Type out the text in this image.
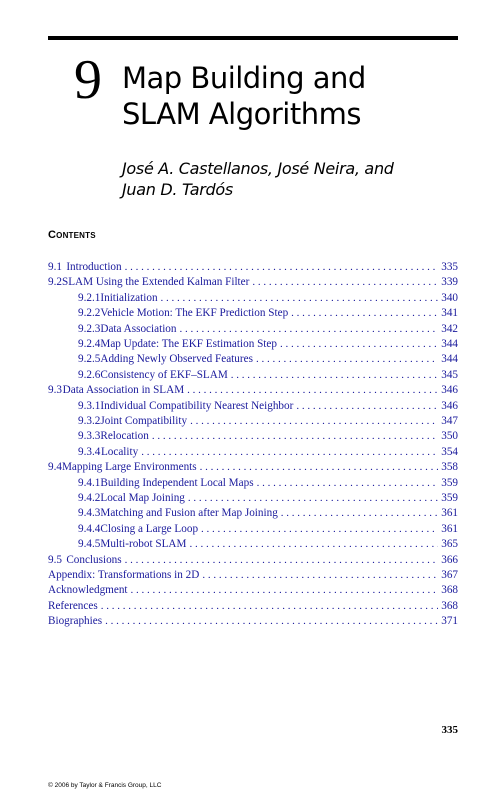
9 Map Building and
SLAM Algorithms
José A. Castellanos, José Neira, and
Juan D. Tardós
Contents
9.1 Introduction . . .	335
9.2 SLAM Using the Extended Kalman Filter . . .	339
9.2.1 Initialization . . .	340
9.2.2 Vehicle Motion: The EKF Prediction Step . . .	341
9.2.3 Data Association . . .	342
9.2.4 Map Update: The EKF Estimation Step . . .	344
9.2.5 Adding Newly Observed Features . . .	344
9.2.6 Consistency of EKF–SLAM . . .	345
9.3 Data Association in SLAM . . .	346
9.3.1 Individual Compatibility Nearest Neighbor . . .	346
9.3.2 Joint Compatibility . . .	347
9.3.3 Relocation . . .	350
9.3.4 Locality . . .	354
9.4 Mapping Large Environments . . .	358
9.4.1 Building Independent Local Maps . . .	359
9.4.2 Local Map Joining . . .	359
9.4.3 Matching and Fusion after Map Joining . . .	361
9.4.4 Closing a Large Loop . . .	361
9.4.5 Multi-robot SLAM . . .	365
9.5 Conclusions . . .	366
Appendix: Transformations in 2D . . .	367
Acknowledgment . . .	368
References . . .	368
Biographies . . .	371
335
© 2006 by Taylor & Francis Group, LLC
